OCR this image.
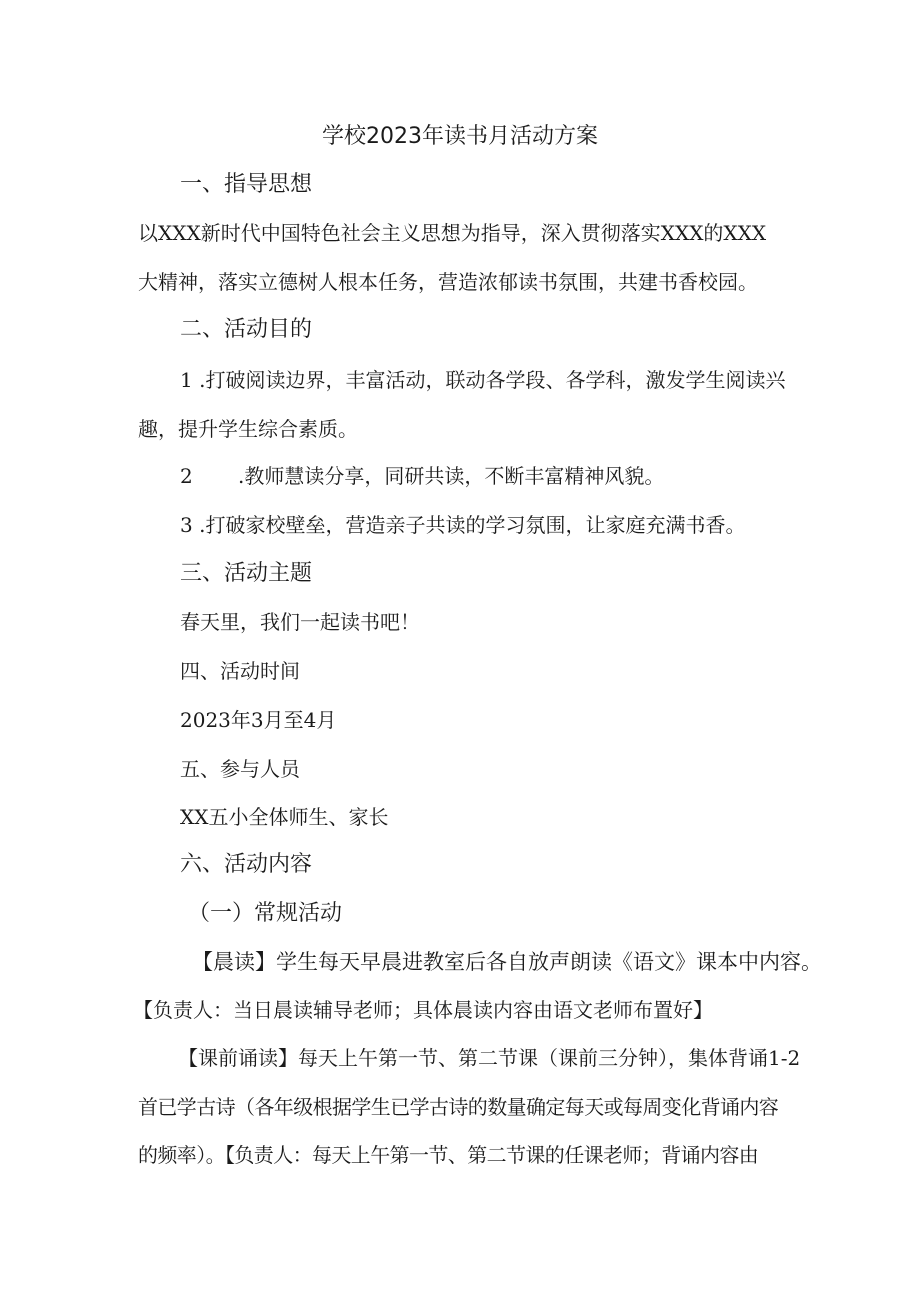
学校2023年读书月活动方案
一、指导思想
以XXX新时代中国特色社会主义思想为指导，深入贯彻落实XXX的XXX
大精神，落实立德树人根本任务，营造浓郁读书氛围，共建书香校园。
二、活动目的
1 .打破阅读边界，丰富活动，联动各学段、各学科，激发学生阅读兴
趣，提升学生综合素质。
2 .教师慧读分享，同研共读，不断丰富精神风貌。
3 .打破家校壁垒，营造亲子共读的学习氛围，让家庭充满书香。
三、活动主题
春天里，我们一起读书吧！
四、活动时间
2023年3月至4月
五、参与人员
XX五小全体师生、家长
六、活动内容
（一）常规活动
【晨读】学生每天早晨进教室后各自放声朗读《语文》课本中内容。
【负责人：当日晨读辅导老师；具体晨读内容由语文老师布置好】
【课前诵读】每天上午第一节、第二节课（课前三分钟），集体背诵1-2
首已学古诗（各年级根据学生已学古诗的数量确定每天或每周变化背诵内容
的频率）。【负责人：每天上午第一节、第二节课的任课老师；背诵内容由
